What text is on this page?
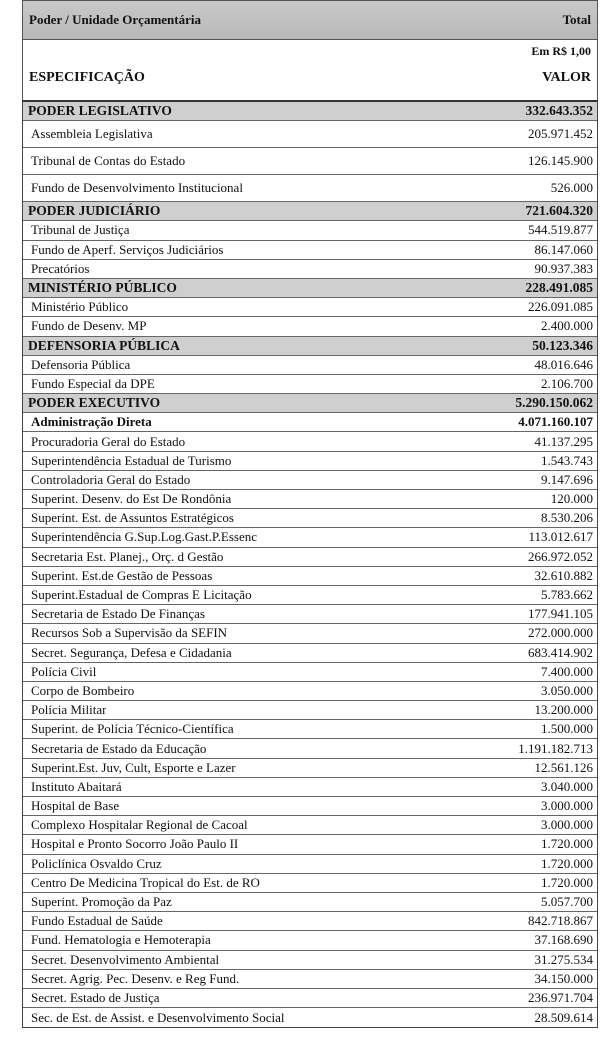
Poder / Unidade Orçamentária	Total
Em R$ 1,00
ESPECIFICAÇÃO	VALOR
PODER LEGISLATIVO	332.643.352
Assembleia Legislativa	205.971.452
Tribunal de Contas do Estado	126.145.900
Fundo de Desenvolvimento Institucional	526.000
PODER JUDICIÁRIO	721.604.320
Tribunal de Justiça	544.519.877
Fundo de Aperf. Serviços Judiciários	86.147.060
Precatórios	90.937.383
MINISTÉRIO PÚBLICO	228.491.085
Ministério Público	226.091.085
Fundo de Desenv. MP	2.400.000
DEFENSORIA PÚBLICA	50.123.346
Defensoria Pública	48.016.646
Fundo Especial da DPE	2.106.700
PODER EXECUTIVO	5.290.150.062
Administração Direta	4.071.160.107
Procuradoria Geral do Estado	41.137.295
Superintendência Estadual de Turismo	1.543.743
Controladoria Geral do Estado	9.147.696
Superint. Desenv. do Est De Rondônia	120.000
Superint. Est. de Assuntos Estratégicos	8.530.206
Superintendência G.Sup.Log.Gast.P.Essenc	113.012.617
Secretaria Est. Planej., Orç. d Gestão	266.972.052
Superint. Est.de Gestão de Pessoas	32.610.882
Superint.Estadual de Compras E Licitação	5.783.662
Secretaria de Estado De Finanças	177.941.105
Recursos Sob a Supervisão da SEFIN	272.000.000
Secret. Segurança, Defesa e Cidadania	683.414.902
Polícia Civil	7.400.000
Corpo de Bombeiro	3.050.000
Polícia Militar	13.200.000
Superint. de Polícia Técnico-Científica	1.500.000
Secretaria de Estado da Educação	1.191.182.713
Superint.Est. Juv, Cult, Esporte e Lazer	12.561.126
Instituto Abaitará	3.040.000
Hospital de Base	3.000.000
Complexo Hospitalar Regional de Cacoal	3.000.000
Hospital e Pronto Socorro João Paulo II	1.720.000
Policlínica Osvaldo Cruz	1.720.000
Centro De Medicina Tropical do Est. de RO	1.720.000
Superint. Promoção da Paz	5.057.700
Fundo Estadual de Saúde	842.718.867
Fund. Hematologia e Hemoterapia	37.168.690
Secret. Desenvolvimento Ambiental	31.275.534
Secret. Agrig. Pec. Desenv. e Reg Fund.	34.150.000
Secret. Estado de Justiça	236.971.704
Sec. de Est. de Assist. e Desenvolvimento Social	28.509.614
